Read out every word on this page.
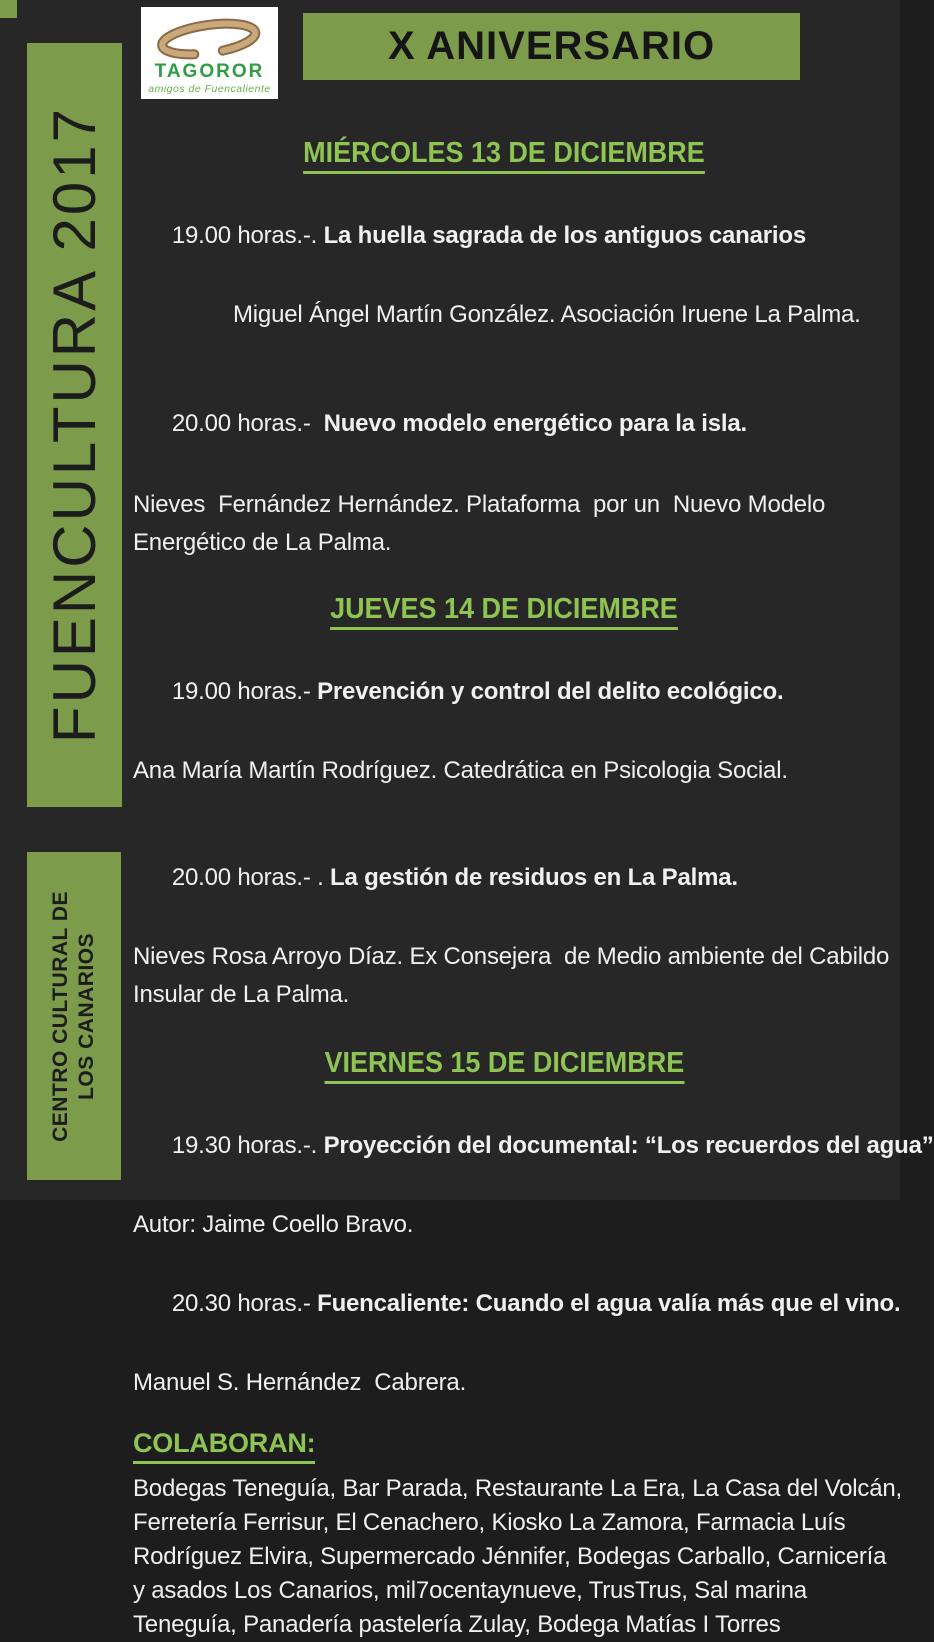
TAGOROR
amigos de Fuencaliente
X ANIVERSARIO
FUENCULTURA 2017
CENTRO CULTURAL DE LOS CANARIOS
MIÉRCOLES 13 DE DICIEMBRE

19.00 horas.-. La huella sagrada de los antiguos canarios

Miguel Ángel Martín González. Asociación Iruene La Palma.

20.00 horas.-  Nuevo modelo energético para la isla.

Nieves  Fernández Hernández. Plataforma  por un  Nuevo Modelo
Energético de La Palma.
JUEVES 14 DE DICIEMBRE

19.00 horas.- Prevención y control del delito ecológico.

Ana María Martín Rodríguez. Catedrática en Psicologia Social.

20.00 horas.- . La gestión de residuos en La Palma.

Nieves Rosa Arroyo Díaz. Ex Consejera  de Medio ambiente del Cabildo
Insular de La Palma.
VIERNES 15 DE DICIEMBRE

19.30 horas.-. Proyección del documental: “Los recuerdos del agua”

Autor: Jaime Coello Bravo.

20.30 horas.- Fuencaliente: Cuando el agua valía más que el vino.

Manuel S. Hernández  Cabrera.
COLABORAN:
Bodegas Teneguía, Bar Parada, Restaurante La Era, La Casa del Volcán,
Ferretería Ferrisur, El Cenachero, Kiosko La Zamora, Farmacia Luís
Rodríguez Elvira, Supermercado Jénnifer, Bodegas Carballo, Carnicería
y asados Los Canarios, mil7ocentaynueve, TrusTrus, Sal marina
Teneguía, Panadería pastelería Zulay, Bodega Matías I Torres
